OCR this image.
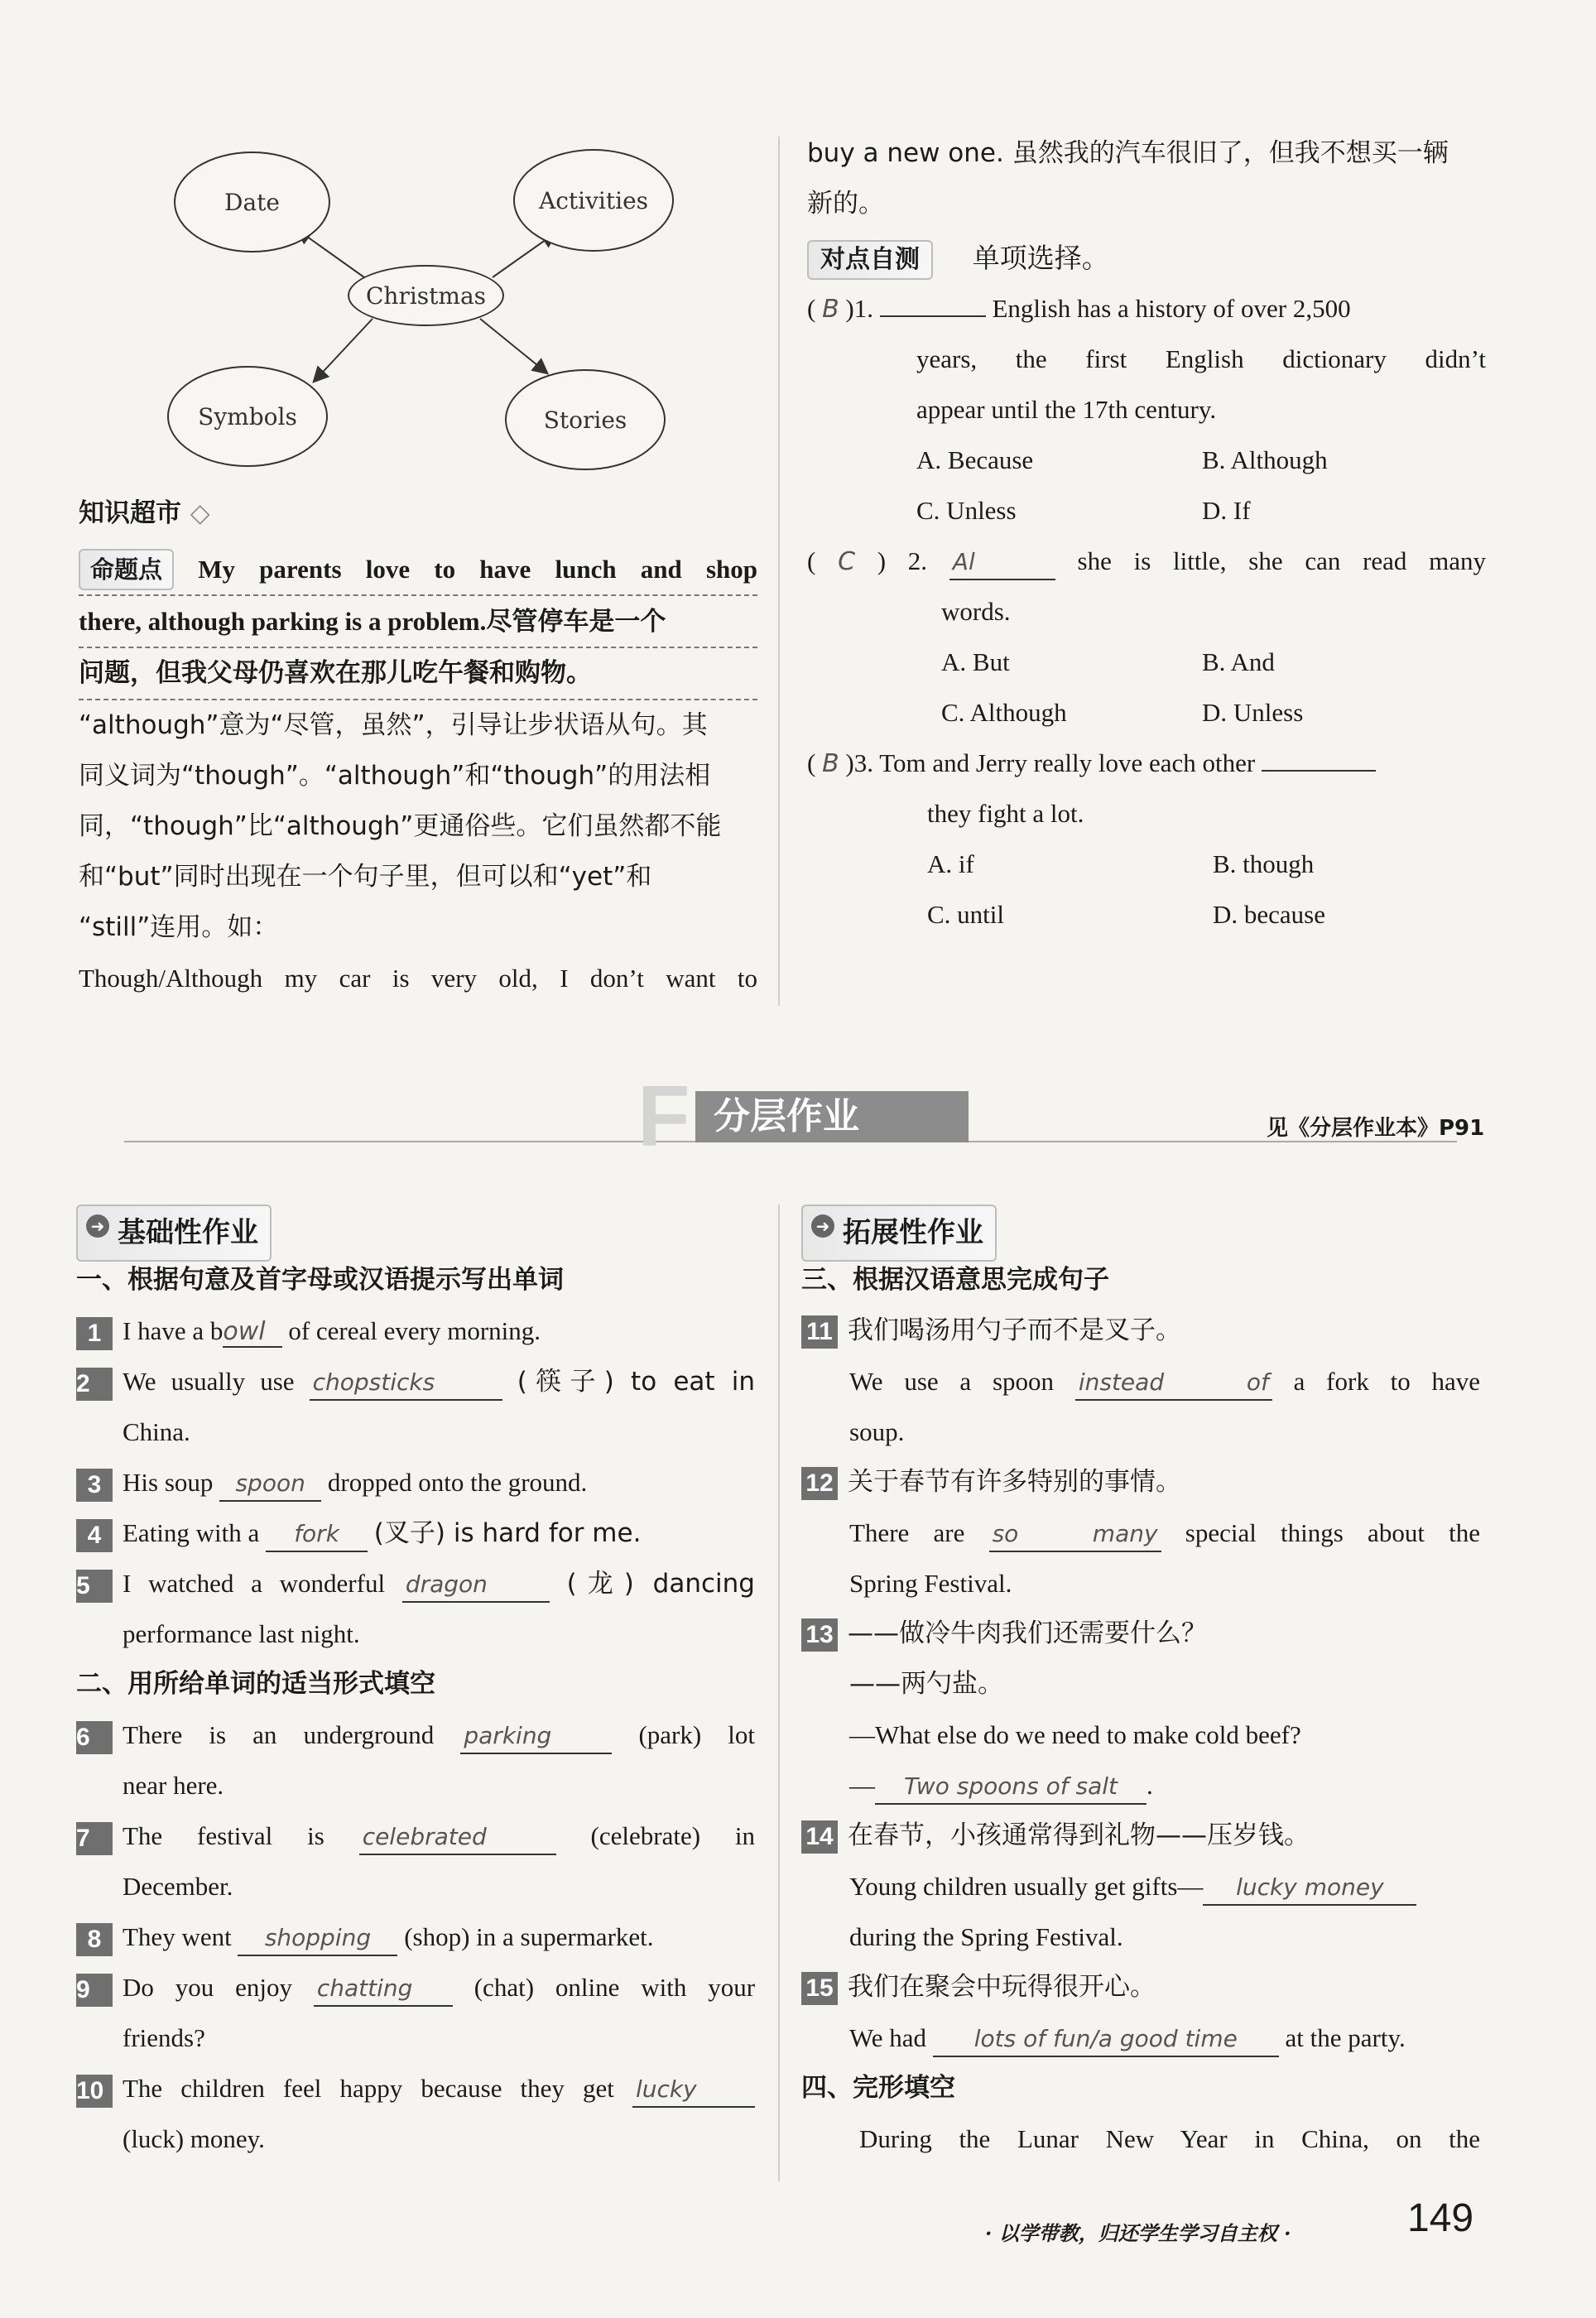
Christmas
Date	Activities
Symbols	Stories
知识超市 ◇
命题点 My parents love to have lunch and shop
there, although parking is a problem.尽管停车是一个
问题，但我父母仍喜欢在那儿吃午餐和购物。
“although”意为“尽管，虽然”，引导让步状语从句。其
同义词为“though”。“although”和“though”的用法相
同，“though”比“although”更通俗些。它们虽然都不能
和“but”同时出现在一个句子里，但可以和“yet”和
“still”连用。如：
Though/Although my car is very old, I don’t want to
buy a new one. 虽然我的汽车很旧了，但我不想买一辆
新的。
对点自测 单项选择。
( B )1.	English has a history of over 2,500
years, the first English dictionary didn’t
appear until the 17th century.
A. Because	B. Although
C. Unless	D. If
( C ) 2. Al	she is little, she can read many
words.
A. But	B. And
C. Although	D. Unless
( B )3. Tom and Jerry really love each other
they fight a lot.
A. if	B. though
C. until	D. because
F 分层作业	见《分层作业本》P91
➜ 基础性作业
一、根据句意及首字母或汉语提示写出单词
1 I have a bowl of cereal every morning.
2 We usually use chopsticks	(筷子) to eat in
China.
3 His soup spoon dropped onto the ground.
4 Eating with a fork (叉子) is hard for me.
5 I watched a wonderful dragon	(龙) dancing
performance last night.
二、用所给单词的适当形式填空
6 There is an underground parking	(park) lot
near here.
7 The festival is celebrated	(celebrate) in
December.
8 They went shopping (shop) in a supermarket.
9 Do you enjoy chatting (chat) online with your
friends?
10 The children feel happy because they get lucky
(luck) money.
➜ 拓展性作业
三、根据汉语意思完成句子
11 我们喝汤用勺子而不是叉子。
We use a spoon instead of a fork to have
soup.
12 关于春节有许多特别的事情。
There are so many special things about the
Spring Festival.
13 ——做冷牛肉我们还需要什么？
——两勺盐。
—What else do we need to make cold beef?
— Two spoons of salt .
14 在春节，小孩通常得到礼物——压岁钱。
Young children usually get gifts— lucky money
during the Spring Festival.
15 我们在聚会中玩得很开心。
We had lots of fun/a good time at the party.
四、完形填空
During the Lunar New Year in China, on the
· 以学带教，归还学生学习自主权 ·	149
